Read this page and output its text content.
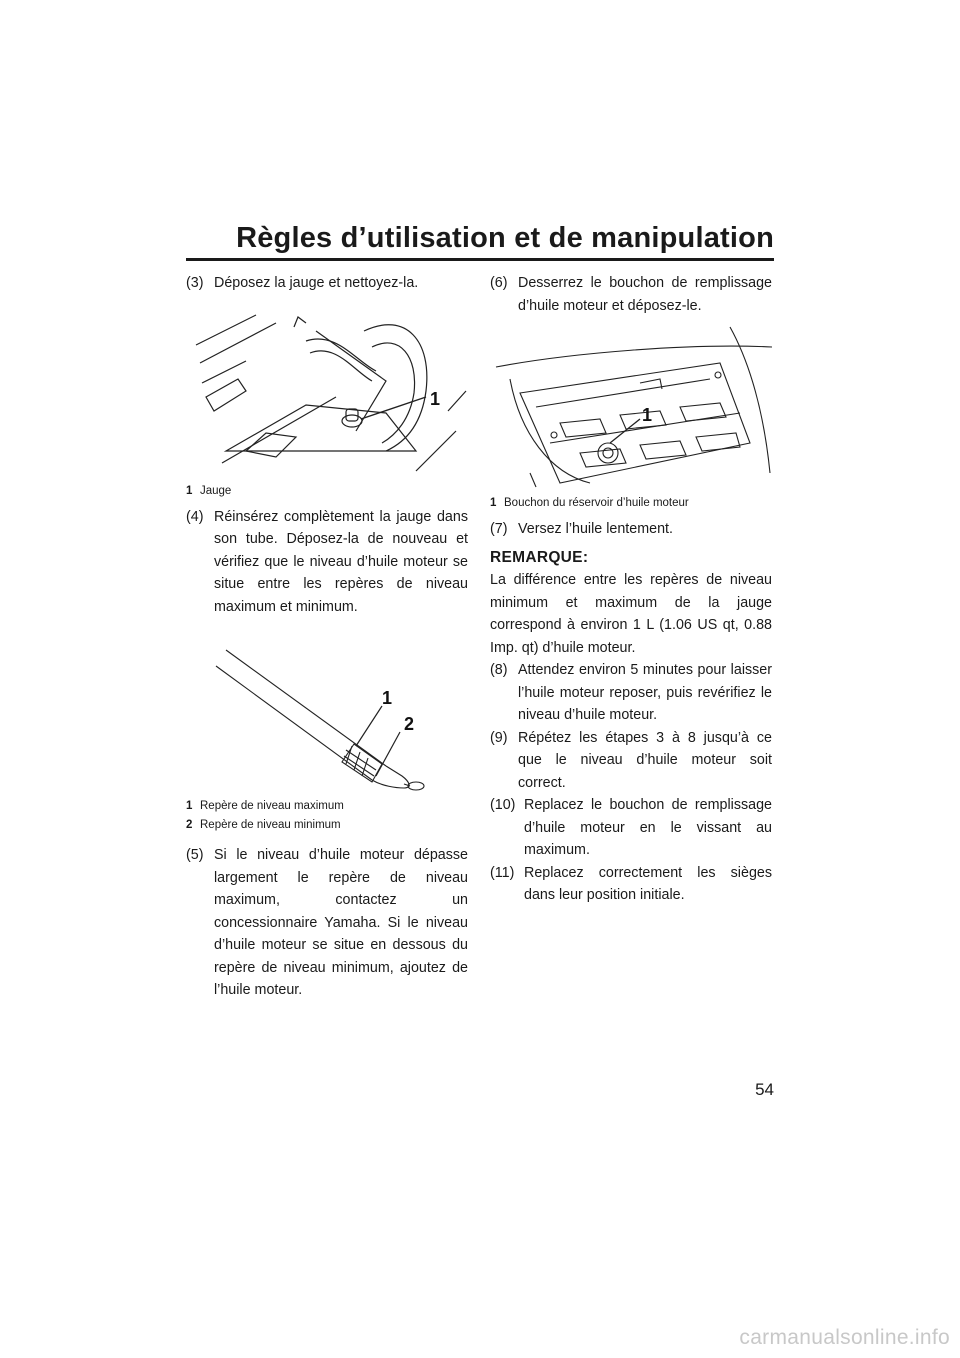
Règles d’utilisation et de manipulation
(3) Déposez la jauge et nettoyez-la.
1
1 Jauge
(4) Réinsérez complètement la jauge dans son tube. Déposez-la de nouveau et vérifiez que le niveau d’huile moteur se situe entre les repères de niveau maximum et minimum.
1
2
1 Repère de niveau maximum
2 Repère de niveau minimum
(5) Si le niveau d’huile moteur dépasse largement le repère de niveau maximum, contactez un concessionnaire Yamaha. Si le niveau d’huile moteur se situe en dessous du repère de niveau minimum, ajoutez de l’huile moteur.
(6) Desserrez le bouchon de remplissage d’huile moteur et déposez-le.
1
1 Bouchon du réservoir d’huile moteur
(7) Versez l’huile lentement.
REMARQUE:
La différence entre les repères de niveau minimum et maximum de la jauge correspond à environ 1 L (1.06 US qt, 0.88 Imp. qt) d’huile moteur.
(8) Attendez environ 5 minutes pour laisser l’huile moteur reposer, puis revérifiez le niveau d’huile moteur.
(9) Répétez les étapes 3 à 8 jusqu’à ce que le niveau d’huile moteur soit correct.
(10) Replacez le bouchon de remplissage d’huile moteur en le vissant au maximum.
(11) Replacez correctement les sièges dans leur position initiale.
54
carmanualsonline.info
